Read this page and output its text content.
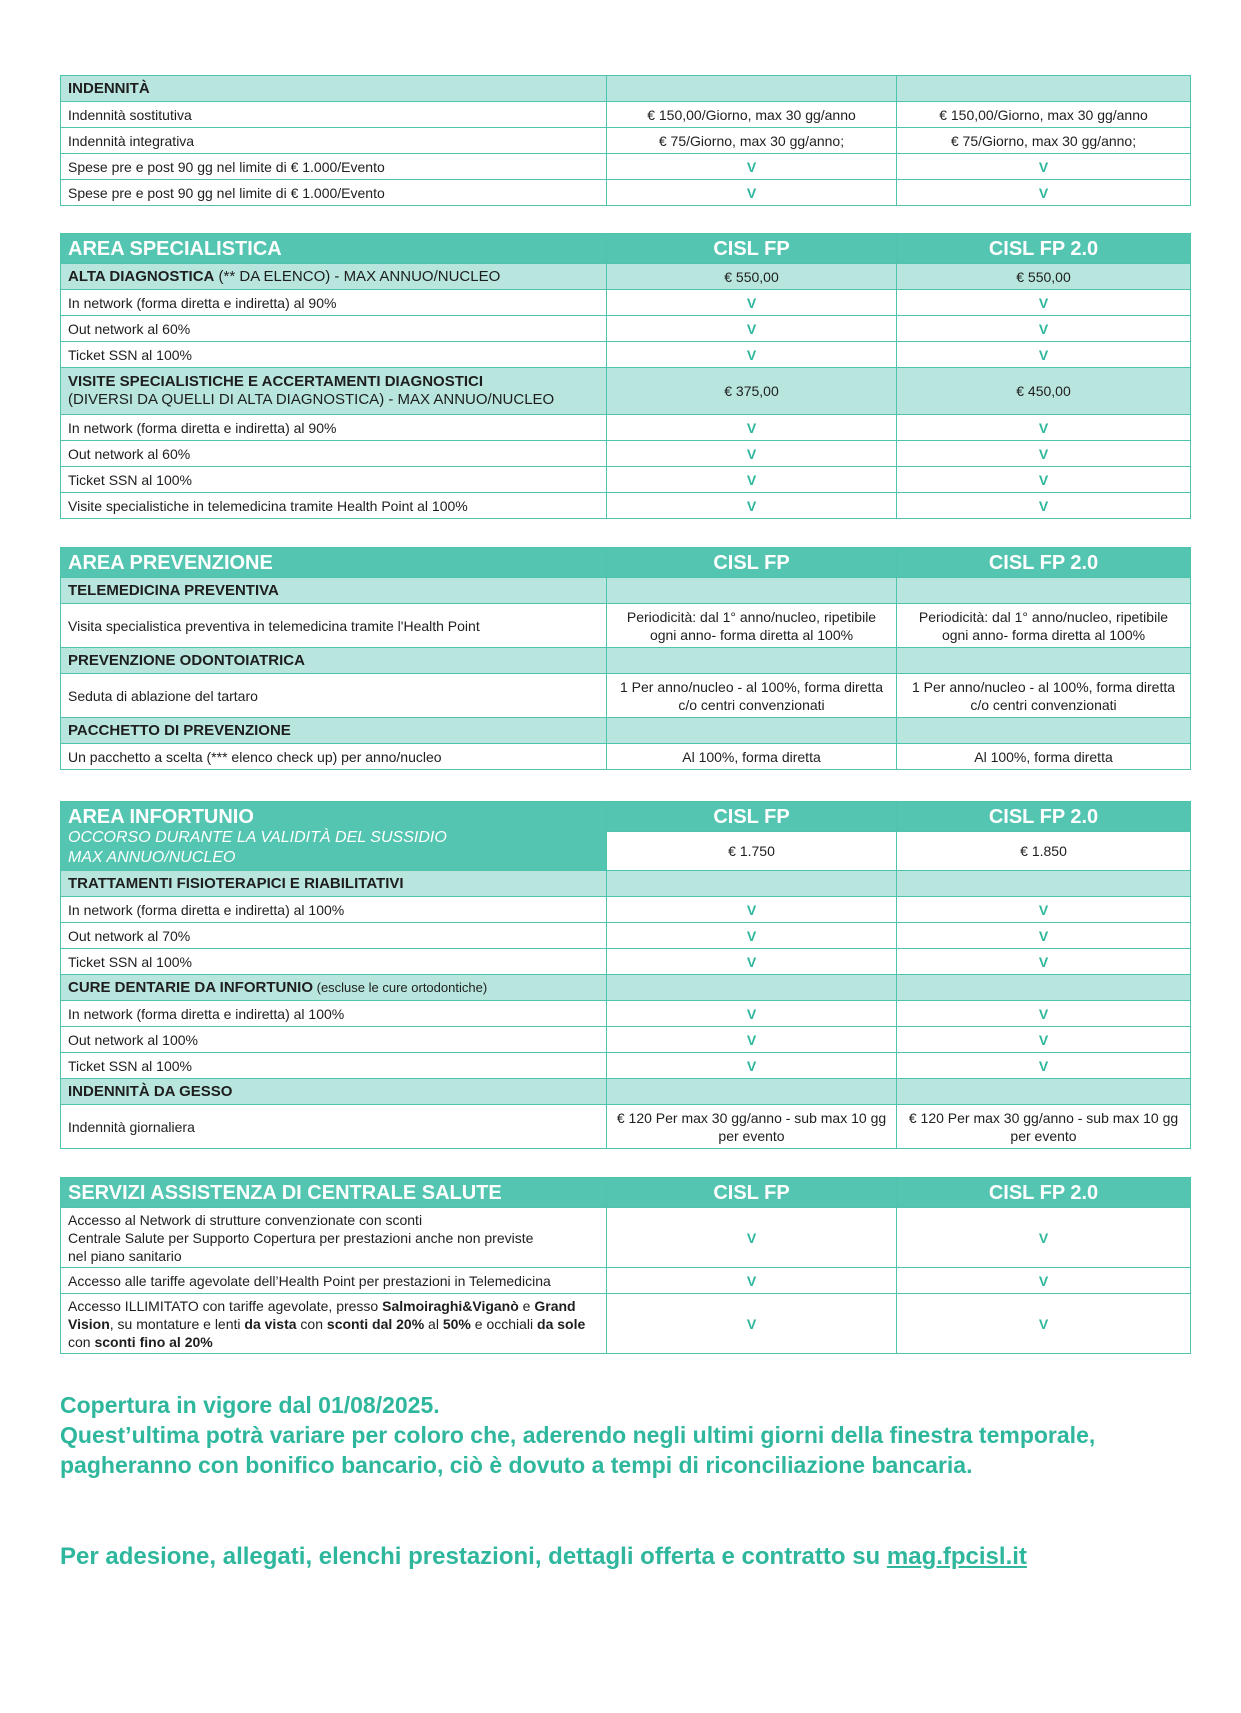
INDENNITÀ		
Indennità sostitutiva	€ 150,00/Giorno, max 30 gg/anno	€ 150,00/Giorno, max 30 gg/anno
Indennità integrativa	€ 75/Giorno, max 30 gg/anno;	€ 75/Giorno, max 30 gg/anno;
Spese pre e post 90 gg nel limite di € 1.000/Evento	V	V
Spese pre e post 90 gg nel limite di € 1.000/Evento	V	V
AREA SPECIALISTICA	CISL FP	CISL FP 2.0
ALTA DIAGNOSTICA (** DA ELENCO) - MAX ANNUO/NUCLEO	€ 550,00	€ 550,00
In network (forma diretta e indiretta) al 90%	V	V
Out network al 60%	V	V
Ticket SSN al 100%	V	V

VISITE SPECIALISTICHE E ACCERTAMENTI DIAGNOSTICI
(DIVERSI DA QUELLI DI ALTA DIAGNOSTICA) - MAX ANNUO/NUCLEO	€ 375,00	€ 450,00
In network (forma diretta e indiretta) al 90%	V	V
Out network al 60%	V	V
Ticket SSN al 100%	V	V
Visite specialistiche in telemedicina tramite Health Point al 100%	V	V
AREA PREVENZIONE	CISL FP	CISL FP 2.0
TELEMEDICINA PREVENTIVA		
Visita specialistica preventiva in telemedicina tramite l'Health Point	Periodicità: dal 1° anno/nucleo, ripetibile ogni anno- forma diretta al 100%	Periodicità: dal 1° anno/nucleo, ripetibile ogni anno- forma diretta al 100%
PREVENZIONE ODONTOIATRICA		
Seduta di ablazione del tartaro	1 Per anno/nucleo - al 100%, forma diretta c/o centri convenzionati	1 Per anno/nucleo - al 100%, forma diretta c/o centri convenzionati
PACCHETTO DI PREVENZIONE		
Un pacchetto a scelta (*** elenco check up) per anno/nucleo	Al 100%, forma diretta	Al 100%, forma diretta
AREA INFORTUNIO
OCCORSO DURANTE LA VALIDITÀ DEL SUSSIDIO
MAX ANNUO/NUCLEO	CISL FP	CISL FP 2.0
	€ 1.750	€ 1.850
TRATTAMENTI FISIOTERAPICI E RIABILITATIVI		
In network (forma diretta e indiretta) al 100%	V	V
Out network al 70%	V	V
Ticket SSN al 100%	V	V
CURE DENTARIE DA INFORTUNIO (escluse le cure ortodontiche)		
In network (forma diretta e indiretta) al 100%	V	V
Out network al 100%	V	V
Ticket SSN al 100%	V	V
INDENNITÀ DA GESSO		
Indennità giornaliera	€ 120 Per max 30 gg/anno - sub max 10 gg per evento	€ 120 Per max 30 gg/anno - sub max 10 gg per evento
SERVIZI ASSISTENZA DI CENTRALE SALUTE	CISL FP	CISL FP 2.0

Accesso al Network di strutture convenzionate con sconti
Centrale Salute per Supporto Copertura per prestazioni anche non previste
nel piano sanitario	V	V
Accesso alle tariffe agevolate dell’Health Point per prestazioni in Telemedicina	V	V
Accesso ILLIMITATO con tariffe agevolate, presso Salmoiraghi&Viganò e Grand Vision, su montature e lenti da vista con sconti dal 20% al 50% e occhiali da sole con sconti fino al 20%	V	V

Copertura in vigore dal 01/08/2025.

Quest’ultima potrà variare per coloro che, aderendo negli ultimi giorni della finestra temporale, pagheranno con bonifico bancario, ciò è dovuto a tempi di riconciliazione bancaria.

Per adesione, allegati, elenchi prestazioni, dettagli offerta e contratto su mag.fpcisl.it
